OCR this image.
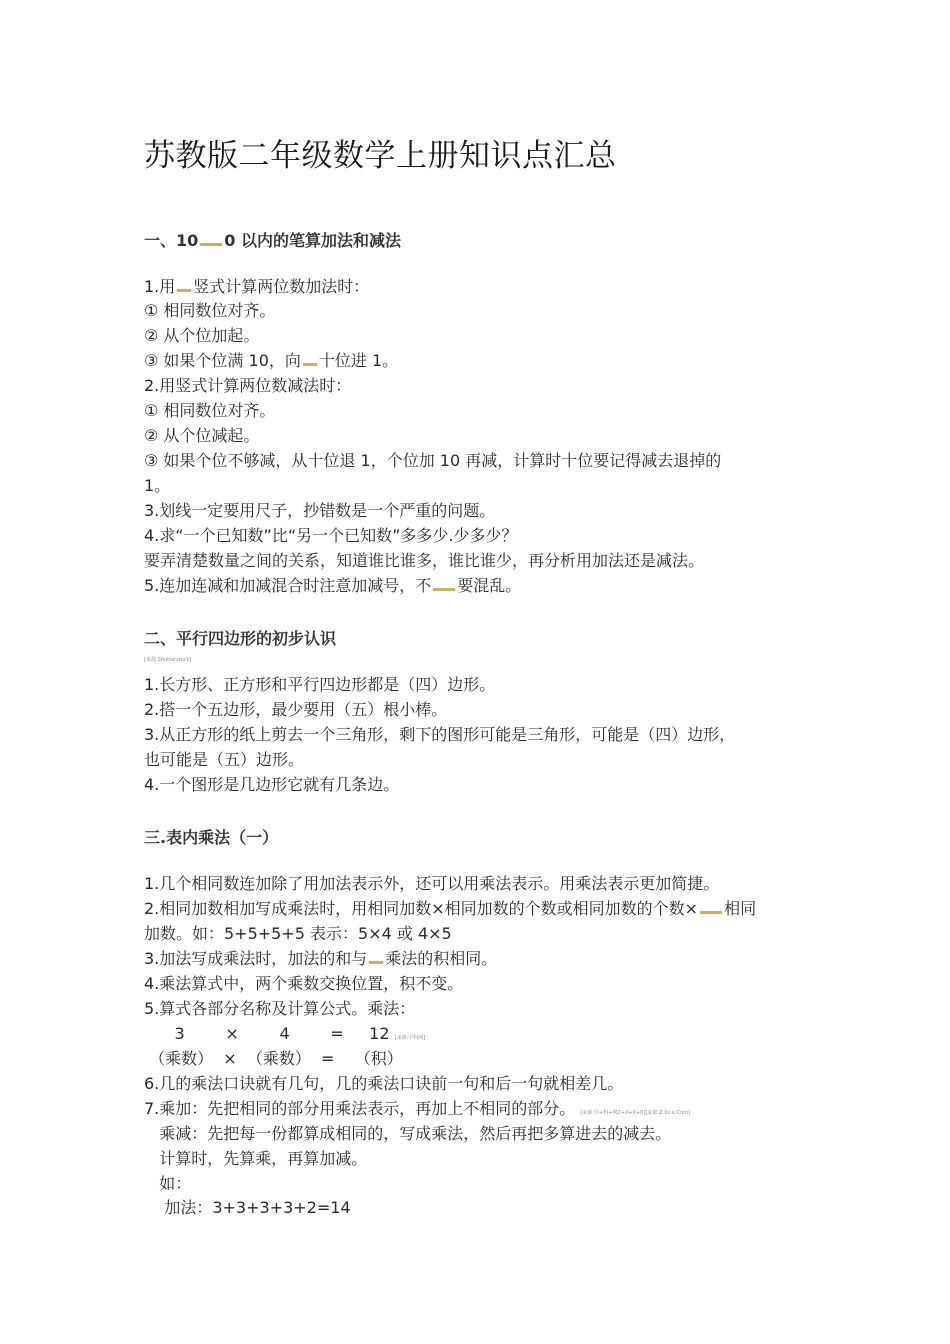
苏教版二年级数学上册知识点汇总
一、10 0 以内的笔算加法和减法
1.用 竖式计算两位数加法时：
① 相同数位对齐。
② 从个位加起。
③ 如果个位满 10，向 十位进 1。
2.用竖式计算两位数减法时：
① 相同数位对齐。
② 从个位减起。
③ 如果个位不够减，从十位退 1，个位加 10 再减，计算时十位要记得减去退掉的
1。
3.划线一定要用尺子，抄错数是一个严重的问题。
4.求“一个已知数”比“另一个已知数”多多少.少多少？
要弄清楚数量之间的关系，知道谁比谁多，谁比谁少，再分析用加法还是减法。
5.连加连减和加减混合时注意加减号，不 要混乱。
二、平行四边形的初步认识
[来源:Shutterstock]
1.长方形、正方形和平行四边形都是（四）边形。
2.搭一个五边形，最少要用（五）根小棒。
3.从正方形的纸上剪去一个三角形，剩下的图形可能是三角形，可能是（四）边形，
也可能是（五）边形。
4.一个图形是几边形它就有几条边。
三.表内乘法（一）
1.几个相同数连加除了用加法表示外，还可以用乘法表示。用乘法表示更加简捷。
2.相同加数相加写成乘法时，用相同加数×相同加数的个数或相同加数的个数× 相同
加数。如：5+5+5+5 表示：5×4 或 4×5
3.加法写成乘法时，加法的和与 乘法的积相同。
4.乘法算式中，两个乘数交换位置，积不变。
5.算式各部分名称及计算公式。乘法：
3        ×        4        =     12 [来源:学科网]
（乘数）  ×  （乘数）  =    （积）
6.几的乘法口诀就有几句，几的乘法口诀前一句和后一句就相差几。
7.乘加：先把相同的部分用乘法表示，再加上不相同的部分。 [来源:学+科+网Z+X+X+K][来源:Z.Xx.k.Com]
乘减：先把每一份都算成相同的，写成乘法，然后再把多算进去的减去。
计算时，先算乘，再算加减。
如：
加法：3+3+3+3+2=14
